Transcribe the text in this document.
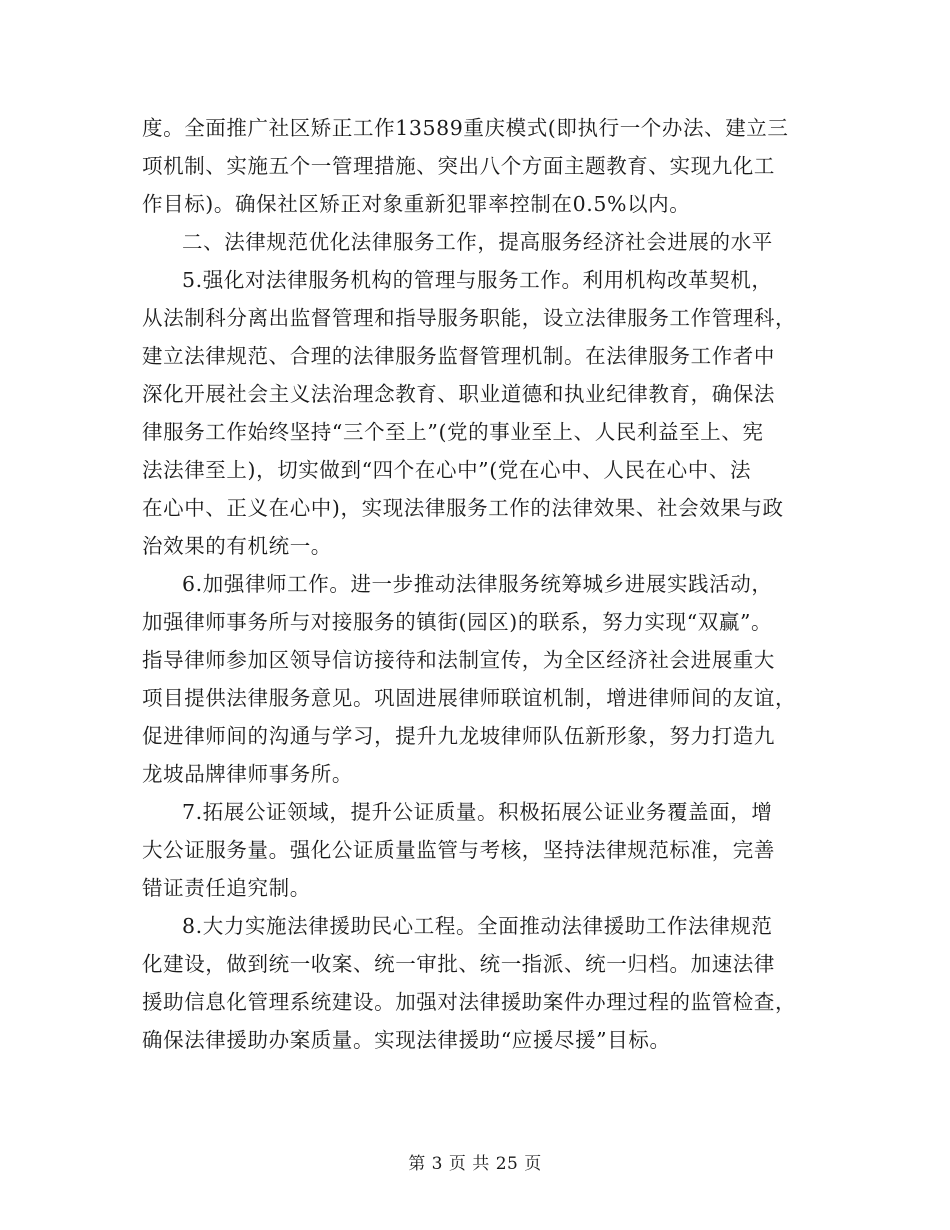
度。全面推广社区矫正工作13589重庆模式(即执行一个办法、建立三
项机制、实施五个一管理措施、突出八个方面主题教育、实现九化工
作目标)。确保社区矫正对象重新犯罪率控制在0.5%以内。
二、法律规范优化法律服务工作，提高服务经济社会进展的水平
5.强化对法律服务机构的管理与服务工作。利用机构改革契机，
从法制科分离出监督管理和指导服务职能，设立法律服务工作管理科，
建立法律规范、合理的法律服务监督管理机制。在法律服务工作者中
深化开展社会主义法治理念教育、职业道德和执业纪律教育，确保法
律服务工作始终坚持“三个至上”(党的事业至上、人民利益至上、宪
法法律至上)，切实做到“四个在心中”(党在心中、人民在心中、法
在心中、正义在心中)，实现法律服务工作的法律效果、社会效果与政
治效果的有机统一。
6.加强律师工作。进一步推动法律服务统筹城乡进展实践活动，
加强律师事务所与对接服务的镇街(园区)的联系，努力实现“双赢”。
指导律师参加区领导信访接待和法制宣传，为全区经济社会进展重大
项目提供法律服务意见。巩固进展律师联谊机制，增进律师间的友谊，
促进律师间的沟通与学习，提升九龙坡律师队伍新形象，努力打造九
龙坡品牌律师事务所。
7.拓展公证领域，提升公证质量。积极拓展公证业务覆盖面，增
大公证服务量。强化公证质量监管与考核，坚持法律规范标准，完善
错证责任追究制。
8.大力实施法律援助民心工程。全面推动法律援助工作法律规范
化建设，做到统一收案、统一审批、统一指派、统一归档。加速法律
援助信息化管理系统建设。加强对法律援助案件办理过程的监管检查，
确保法律援助办案质量。实现法律援助“应援尽援”目标。
第 3 页 共 25 页
